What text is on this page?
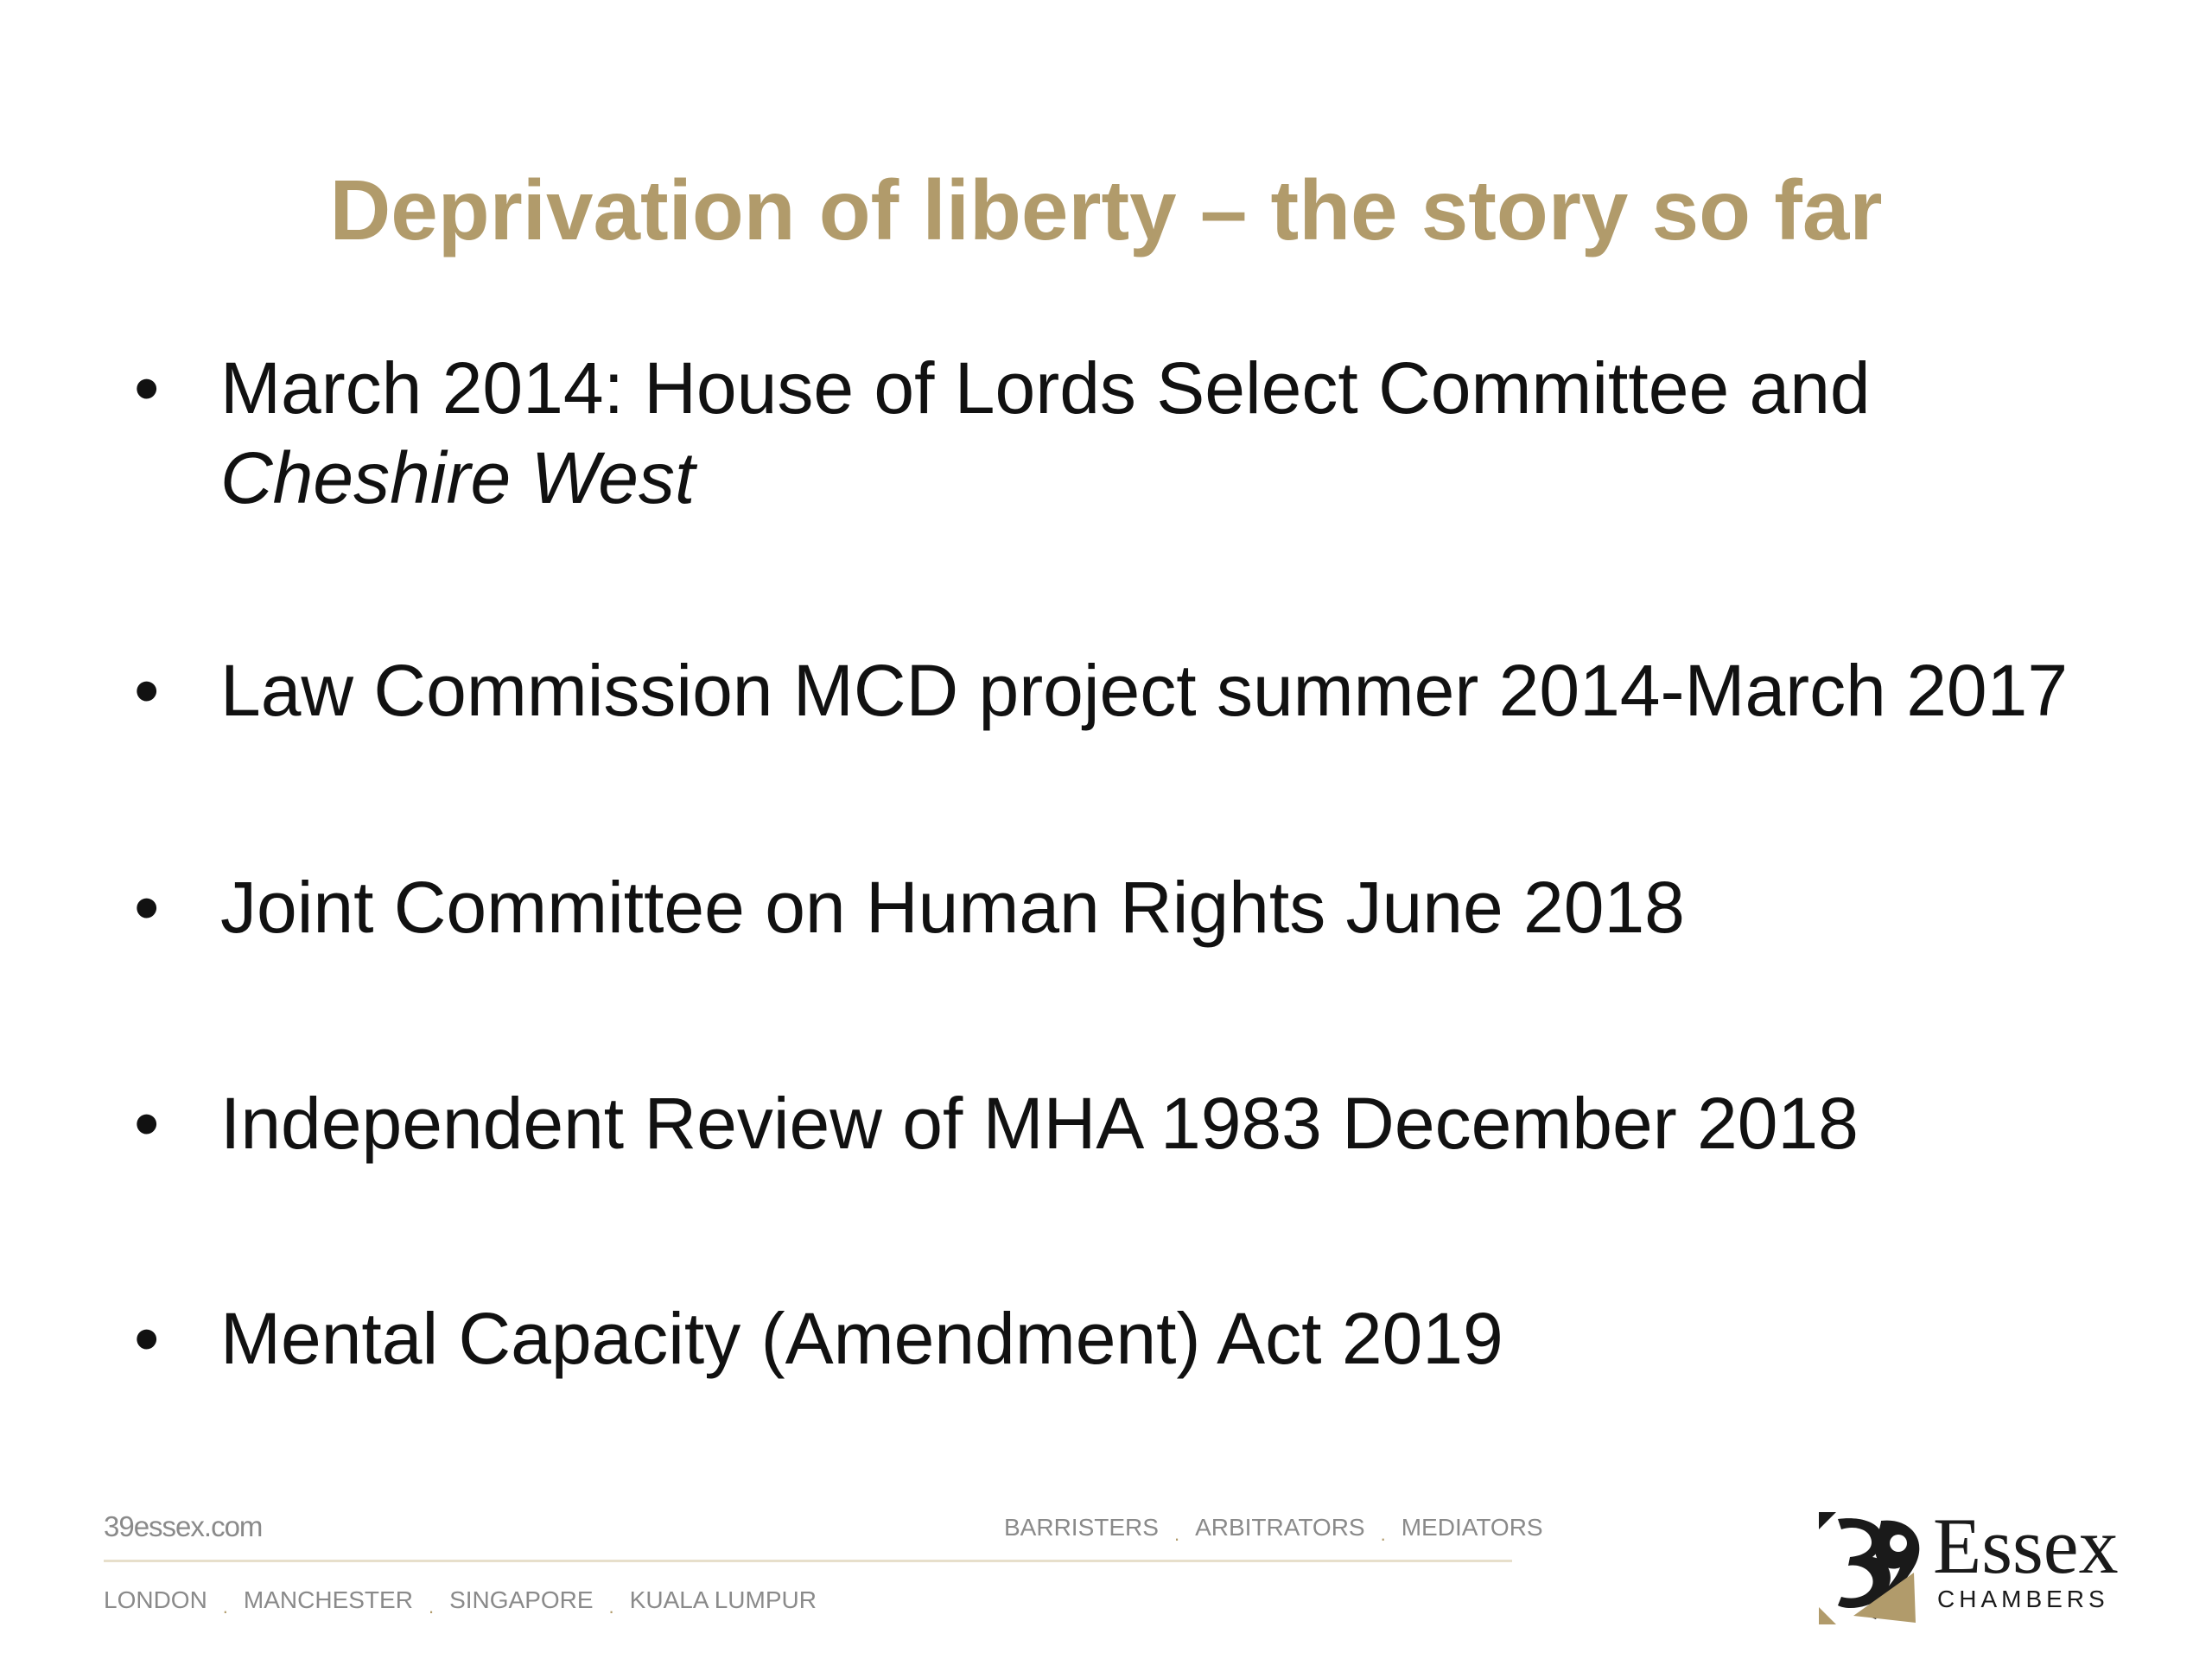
Deprivation of liberty – the story so far
• March 2014: House of Lords Select Committee and
Cheshire West
• Law Commission MCD project summer 2014-March 2017
• Joint Committee on Human Rights June 2018
• Independent Review of MHA 1983 December 2018
• Mental Capacity (Amendment) Act 2019
39essex.com	BARRISTERS $_.$ ARBITRATORS $_.$ MEDIATORS
LONDON $_.$ MANCHESTER $_.$ SINGAPORE $_.$ KUALA LUMPUR
Essex
CHAMBERS
